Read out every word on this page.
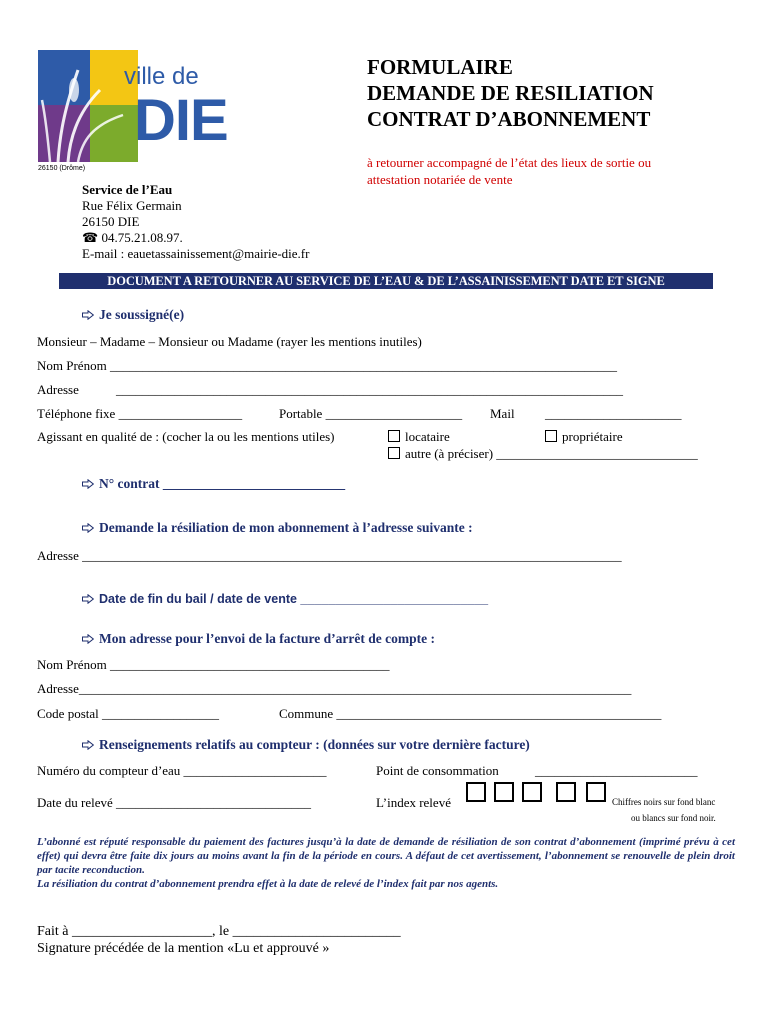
ville de
DIE
26150 (Drôme)
FORMULAIRE
DEMANDE DE RESILIATION
CONTRAT D’ABONNEMENT
à retourner accompagné de l’état des lieux de sortie ou
attestation notariée de vente
Service de l’Eau
Rue Félix Germain
26150 DIE
☎ 04.75.21.08.97.
E-mail : eauetassainissement@mairie-die.fr
DOCUMENT A RETOURNER AU SERVICE DE L’EAU & DE L’ASSAINISSEMENT DATE ET SIGNE
Je soussigné(e)
Monsieur – Madame – Monsieur ou Madame (rayer les mentions inutiles)
Nom Prénom ______________________________________________________________________________
Adresse	______________________________________________________________________________
Téléphone fixe ___________________	Portable _____________________ Mail _____________________
Agissant en qualité de : (cocher la ou les mentions utiles)	locataire	propriétaire
autre (à préciser) _______________________________
N° contrat ___________________________
Demande la résiliation de mon abonnement à l’adresse suivante :
Adresse ___________________________________________________________________________________
Date de fin du bail / date de vente ___________________________
Mon adresse pour l’envoi de la facture d’arrêt de compte :
Nom Prénom ___________________________________________
Adresse_____________________________________________________________________________________
Code postal __________________	Commune __________________________________________________
Renseignements relatifs au compteur : (données sur votre dernière facture)
Numéro du compteur d’eau ______________________	Point de consommation	_________________________
Date du relevé ______________________________	L’index relevé	Chiffres noirs sur fond blanc
ou blancs sur fond noir.

L’abonné est réputé responsable du paiement des factures jusqu’à la date de demande de résiliation de son contrat d’abonnement (imprimé prévu à cet effet) qui devra être faite dix jours au moins avant la fin de la période en cours. A défaut de cet avertissement, l’abonnement se renouvelle de plein droit par tacite reconduction.

La résiliation du contrat d’abonnement prendra effet à la date de relevé de l’index fait par nos agents.

Fait à ____________________, le ________________________
Signature précédée de la mention «Lu et approuvé »
